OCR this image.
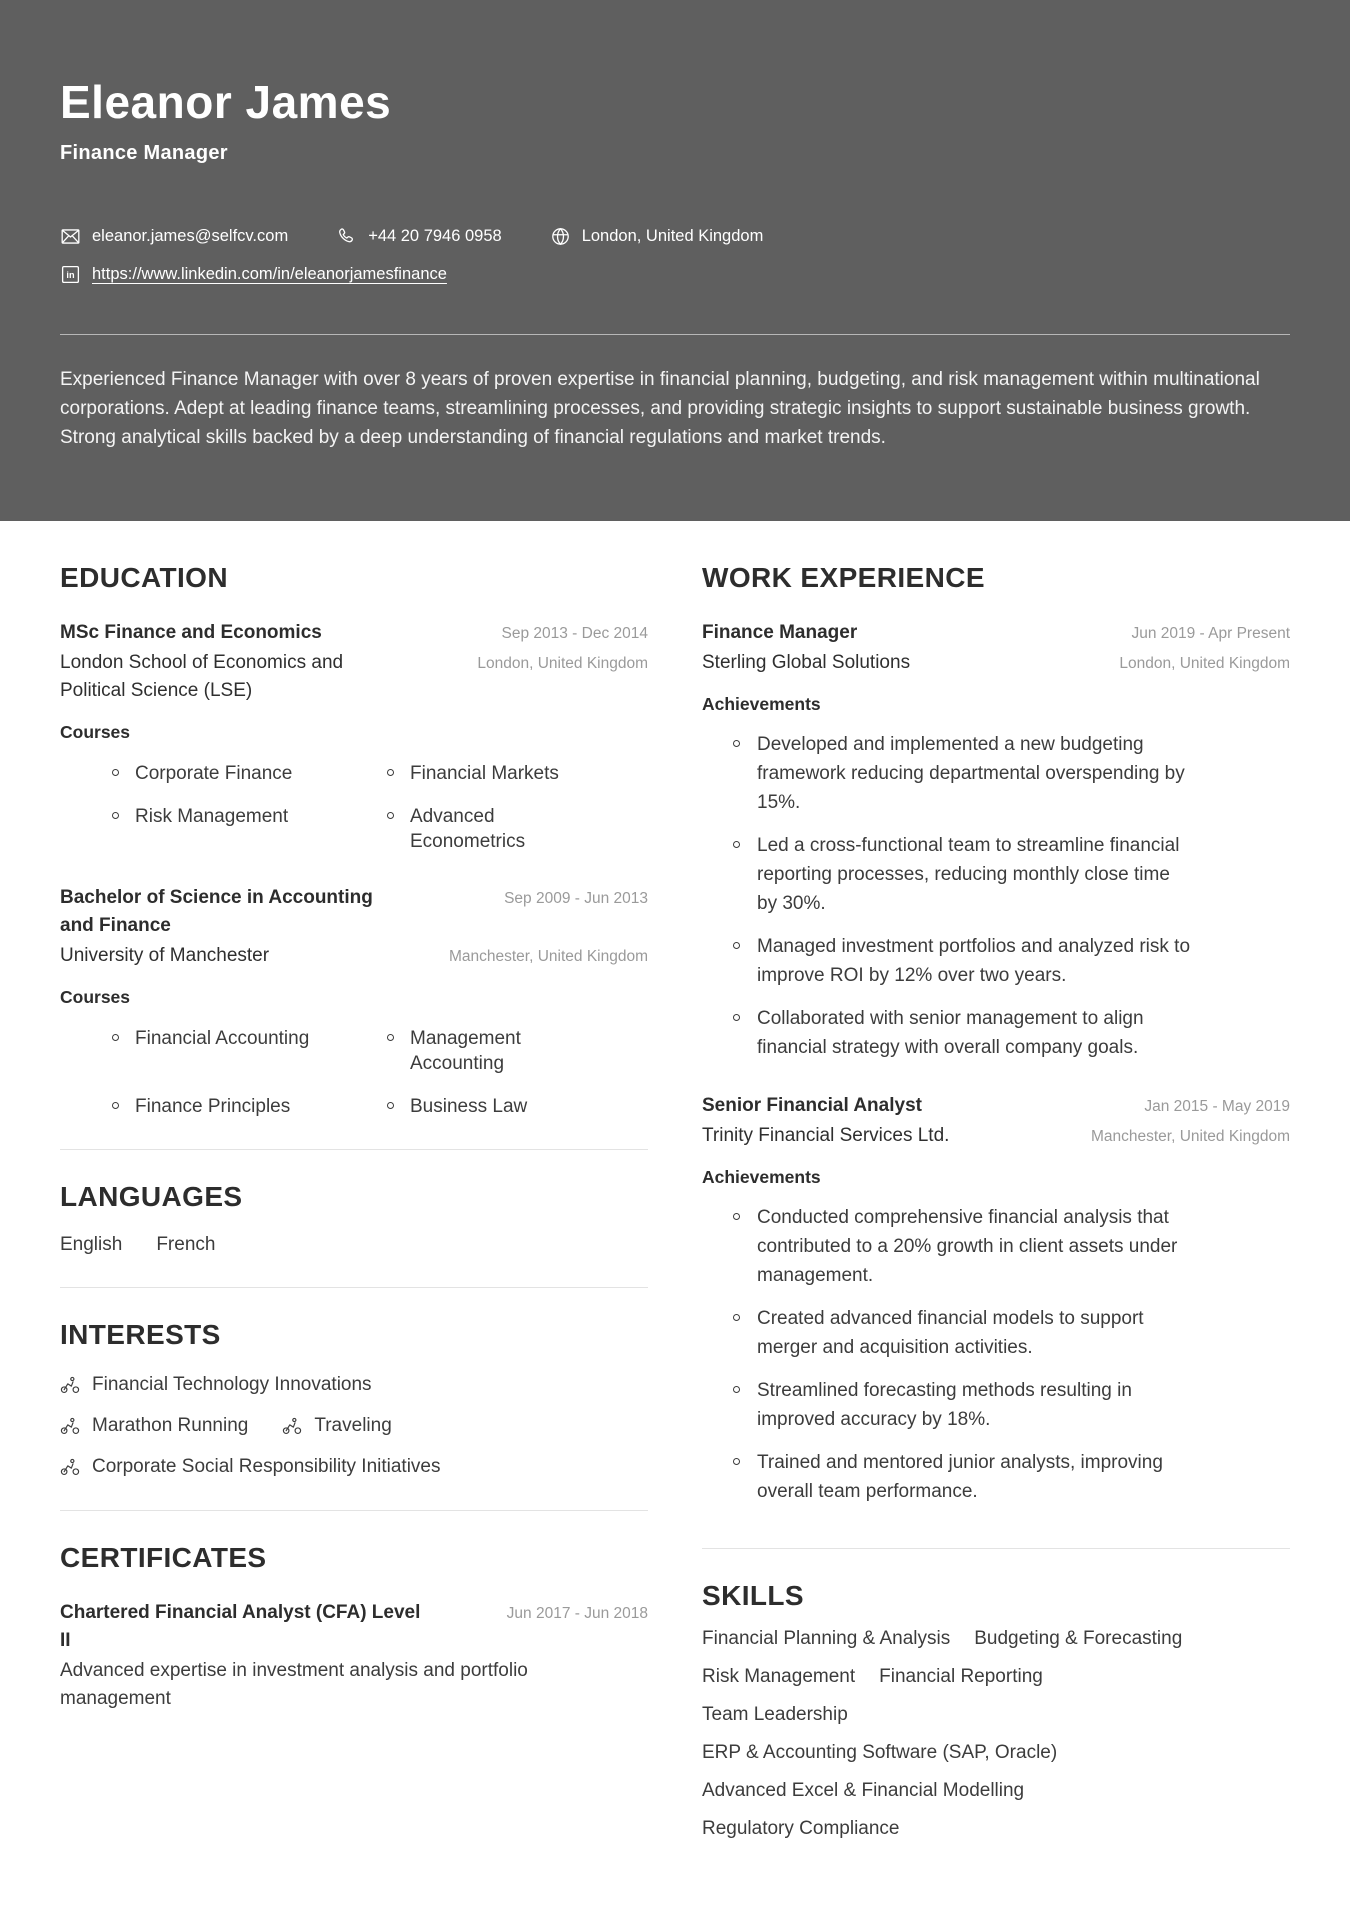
Eleanor James
Finance Manager
eleanor.james@selfcv.com	+44 20 7946 0958	London, United Kingdom
in https://www.linkedin.com/in/eleanorjamesfinance

Experienced Finance Manager with over 8 years of proven expertise in financial planning, budgeting, and risk management within multinational corporations. Adept at leading finance teams, streamlining processes, and providing strategic insights to support sustainable business growth. Strong analytical skills backed by a deep understanding of financial regulations and market trends.

EDUCATION
MSc Finance and Economics	Sep 2013 - Dec 2014
London School of Economics and Political Science (LSE)
London, United Kingdom
Courses
Corporate Finance	Financial Markets
Risk Management	Advanced Econometrics
Bachelor of Science in Accounting and Finance
Sep 2009 - Jun 2013
University of Manchester	Manchester, United Kingdom
Courses
Financial Accounting	Management Accounting
Finance Principles	Business Law
LANGUAGES
English French
INTERESTS
Financial Technology Innovations
Marathon Running	Traveling
Corporate Social Responsibility Initiatives
CERTIFICATES
Chartered Financial Analyst (CFA) Level II
Jun 2017 - Jun 2018
Advanced expertise in investment analysis and portfolio management
WORK EXPERIENCE
Finance Manager	Jun 2019 - Apr Present
Sterling Global Solutions	London, United Kingdom
Achievements
Developed and implemented a new budgeting framework reducing departmental overspending by 15%.
Led a cross-functional team to streamline financial reporting processes, reducing monthly close time by 30%.
Managed investment portfolios and analyzed risk to improve ROI by 12% over two years.
Collaborated with senior management to align financial strategy with overall company goals.
Senior Financial Analyst	Jan 2015 - May 2019
Trinity Financial Services Ltd.	Manchester, United Kingdom
Achievements
Conducted comprehensive financial analysis that contributed to a 20% growth in client assets under management.
Created advanced financial models to support merger and acquisition activities.
Streamlined forecasting methods resulting in improved accuracy by 18%.
Trained and mentored junior analysts, improving overall team performance.
SKILLS
Financial Planning & Analysis Budgeting & Forecasting
Risk Management Financial Reporting
Team Leadership
ERP & Accounting Software (SAP, Oracle)
Advanced Excel & Financial Modelling
Regulatory Compliance
